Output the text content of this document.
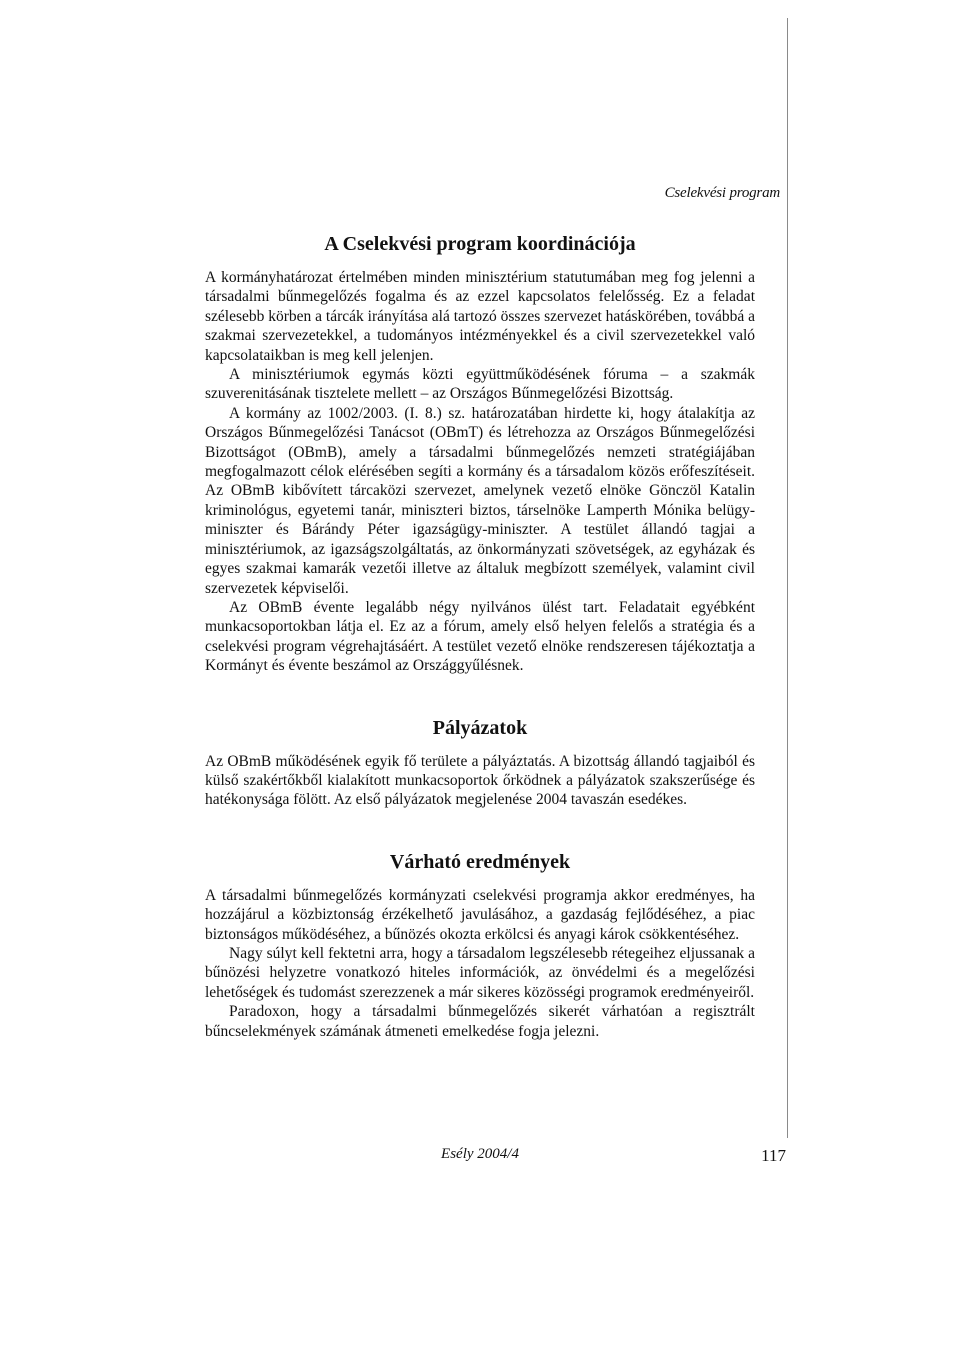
Cselekvési program
A Cselekvési program koordinációja

A kormányhatározat értelmében minden minisztérium statutumában meg fog jelenni a társadalmi bűnmegelőzés fogalma és az ezzel kapcsolatos felelősség. Ez a feladat szélesebb körben a tárcák irányítása alá tartozó összes szervezet hatáskörében, továbbá a szakmai szervezetekkel, a tudományos intézményekkel és a civil szervezetekkel való kapcsolataikban is meg kell jelenjen.

A minisztériumok egymás közti együttműködésének fóruma – a szakmák szuverenitásának tisztelete mellett – az Országos Bűnmegelőzési Bizottság.

A kormány az 1002/2003. (I. 8.) sz. határozatában hirdette ki, hogy átalakítja az Országos Bűnmegelőzési Tanácsot (OBmT) és létrehozza az Országos Bűnmegelőzési Bizottságot (OBmB), amely a társadalmi bűnmegelőzés nemzeti stratégiájában megfogalmazott célok elérésében segíti a kormány és a társadalom közös erőfeszítéseit. Az OBmB kibővített tárcaközi szervezet, amelynek vezető elnöke Gönczöl Katalin kriminológus, egyetemi tanár, miniszteri biztos, társelnöke Lamperth Mónika belügyminiszter és Bárándy Péter igazságügy-miniszter. A testület állandó tagjai a minisztériumok, az igazságszolgáltatás, az önkormányzati szövetségek, az egyházak és egyes szakmai kamarák vezetői illetve az általuk megbízott személyek, valamint civil szervezetek képviselői.

Az OBmB évente legalább négy nyilvános ülést tart. Feladatait egyébként munkacsoportokban látja el. Ez az a fórum, amely első helyen felelős a stratégia és a cselekvési program végrehajtásáért. A testület vezető elnöke rendszeresen tájékoztatja a Kormányt és évente beszámol az Országgyűlésnek.

Pályázatok

Az OBmB működésének egyik fő területe a pályáztatás. A bizottság állandó tagjaiból és külső szakértőkből kialakított munkacsoportok őrködnek a pályázatok szakszerűsége és hatékonysága fölött. Az első pályázatok megjelenése 2004 tavaszán esedékes.

Várható eredmények

A társadalmi bűnmegelőzés kormányzati cselekvési programja akkor eredményes, ha hozzájárul a közbiztonság érzékelhető javulásához, a gazdaság fejlődéséhez, a piac biztonságos működéséhez, a bűnözés okozta erkölcsi és anyagi károk csökkentéséhez.

Nagy súlyt kell fektetni arra, hogy a társadalom legszélesebb rétegeihez eljussanak a bűnözési helyzetre vonatkozó hiteles információk, az önvédelmi és a megelőzési lehetőségek és tudomást szerezzenek a már sikeres közösségi programok eredményeiről.

Paradoxon, hogy a társadalmi bűnmegelőzés sikerét várhatóan a regisztrált bűncselekmények számának átmeneti emelkedése fogja jelezni.

Esély 2004/4	117
